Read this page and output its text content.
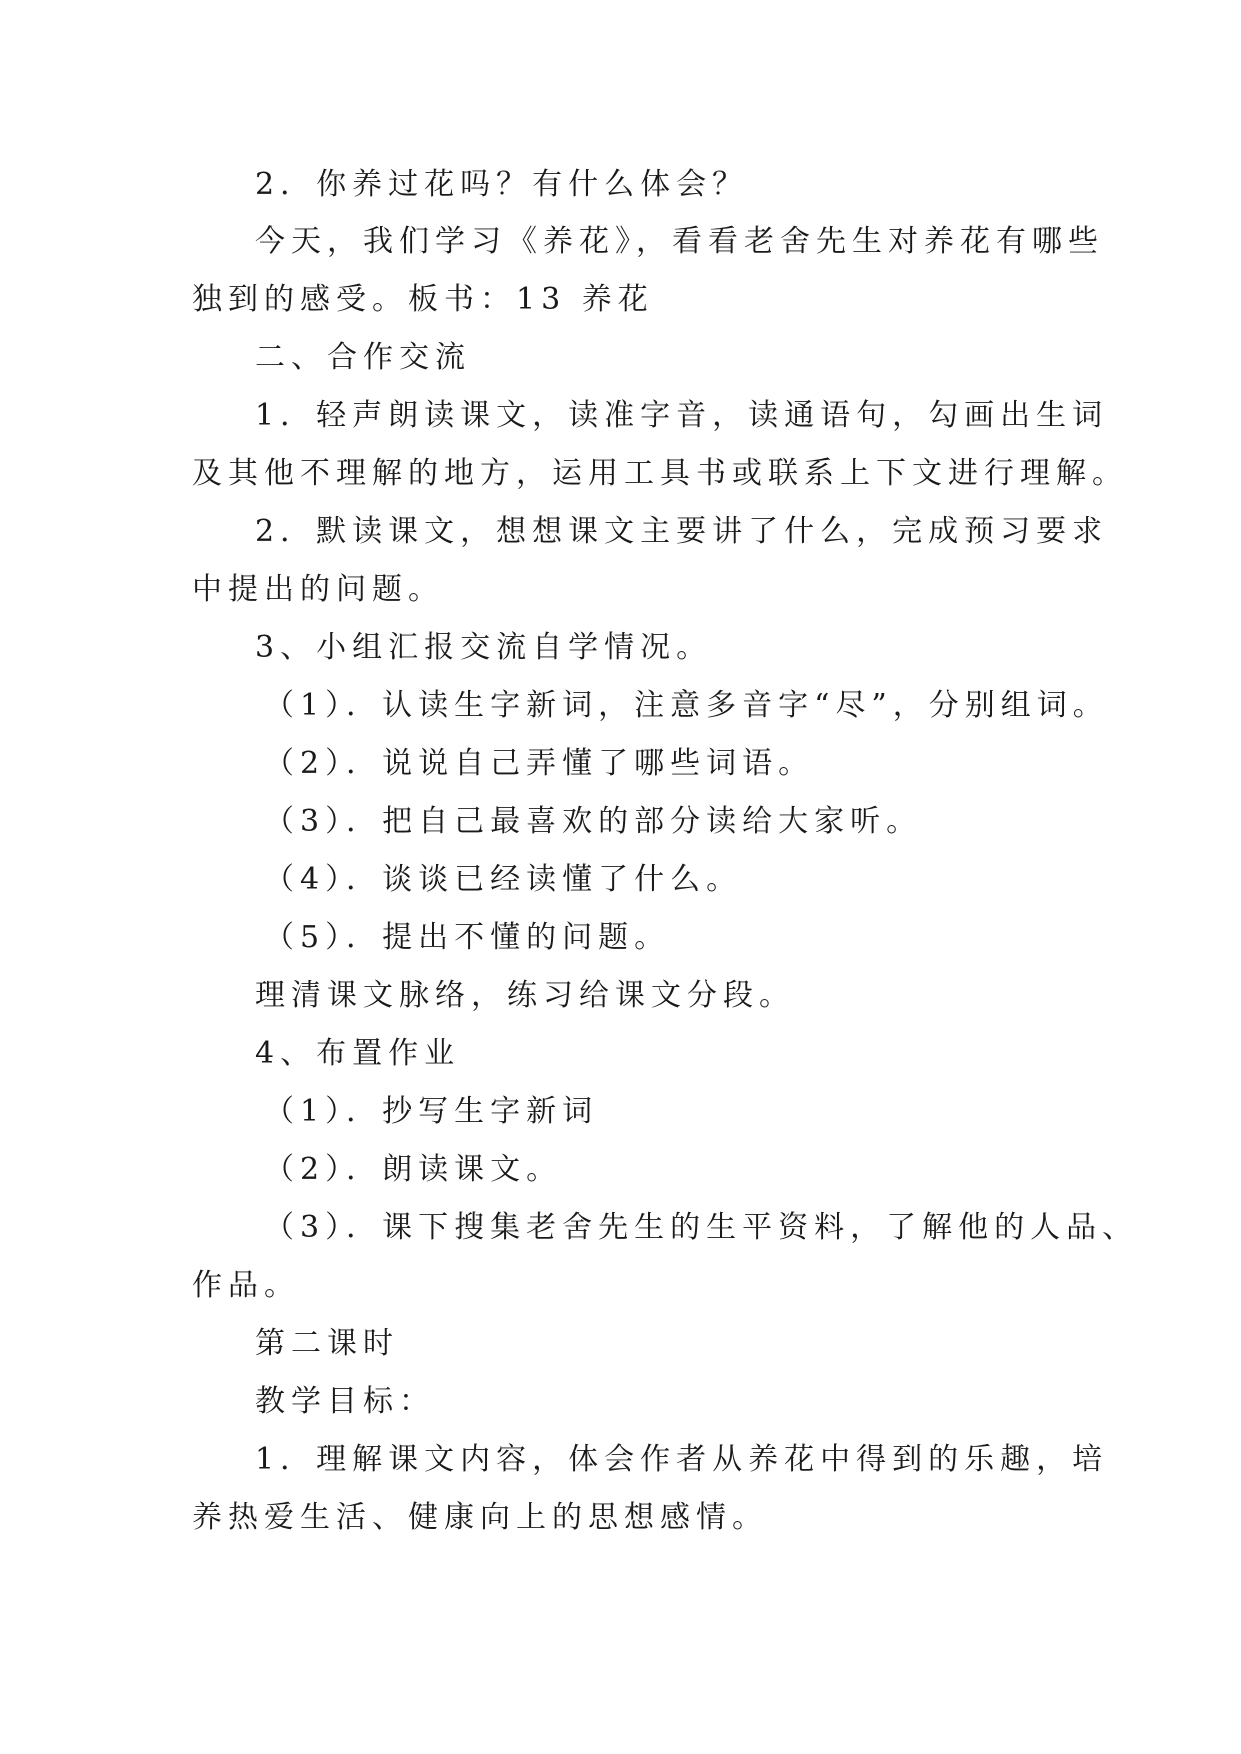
2．你养过花吗？有什么体会？
今天，我们学习《养花》，看看老舍先生对养花有哪些
独到的感受。板书：13 养花
二、合作交流
1．轻声朗读课文，读准字音，读通语句，勾画出生词
及其他不理解的地方，运用工具书或联系上下文进行理解。
2．默读课文，想想课文主要讲了什么，完成预习要求
中提出的问题。
3、小组汇报交流自学情况。
（1）．认读生字新词，注意多音字“尽”，分别组词。
（2）．说说自己弄懂了哪些词语。
（3）．把自己最喜欢的部分读给大家听。
（4）．谈谈已经读懂了什么。
（5）．提出不懂的问题。
理清课文脉络，练习给课文分段。
4、布置作业
（1）．抄写生字新词
（2）．朗读课文。
（3）．课下搜集老舍先生的生平资料，了解他的人品、
作品。
第二课时
教学目标：
1．理解课文内容，体会作者从养花中得到的乐趣，培
养热爱生活、健康向上的思想感情。
